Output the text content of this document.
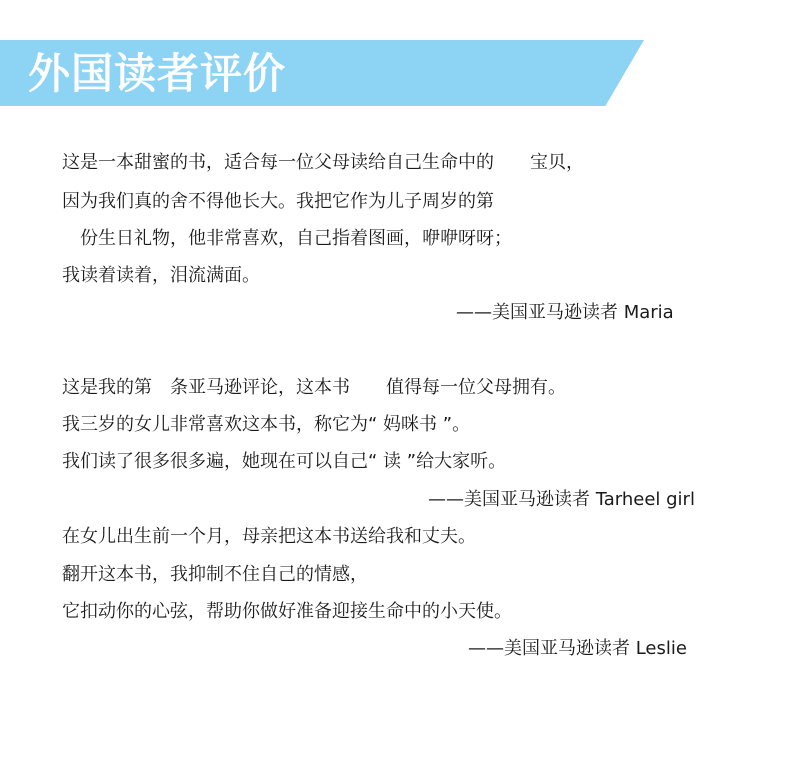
外国读者评价

这是一本甜蜜的书，适合每一位父母读给自己生命中的　　宝贝，

因为我们真的舍不得他长大。我把它作为儿子周岁的第

　份生日礼物，他非常喜欢，自己指着图画，咿咿呀呀；

我读着读着，泪流满面。

——美国亚马逊读者 Maria

这是我的第　条亚马逊评论，这本书　　值得每一位父母拥有。

我三岁的女儿非常喜欢这本书，称它为“ 妈咪书 ”。

我们读了很多很多遍，她现在可以自己“ 读 ”给大家听。

——美国亚马逊读者 Tarheel girl

在女儿出生前一个月，母亲把这本书送给我和丈夫。

翻开这本书，我抑制不住自己的情感，

它扣动你的心弦，帮助你做好准备迎接生命中的小天使。

——美国亚马逊读者 Leslie
